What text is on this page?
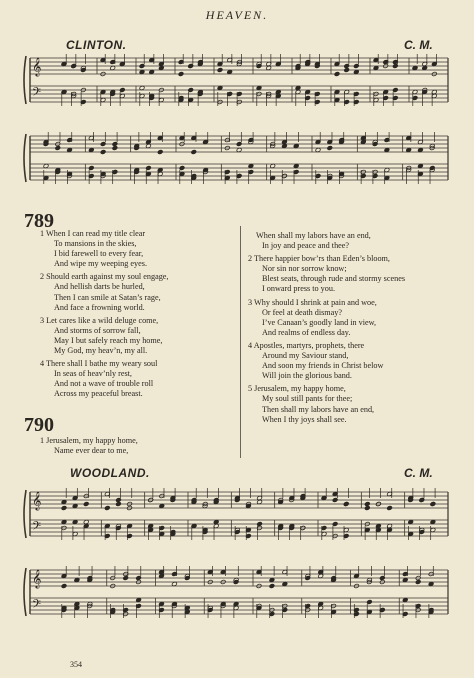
HEAVEN.
CLINTON.	C. M.
𝄞
𝄢
789
1 When I can read my title clear
To mansions in the skies,
I bid farewell to every fear,
And wipe my weeping eyes.
2 Should earth against my soul engage,
And hellish darts be hurled,
Then I can smile at Satan’s rage,
And face a frowning world.
3 Let cares like a wild deluge come,
And storms of sorrow fall,
May I but safely reach my home,
My God, my heav’n, my all.
4 There shall I bathe my weary soul
In seas of heav’nly rest,
And not a wave of trouble roll
Across my peaceful breast.
790
1 Jerusalem, my happy home,
Name ever dear to me,
When shall my labors have an end,
In joy and peace and thee?
2 There happier bow’rs than Eden’s bloom,
Nor sin nor sorrow know;
Blest seats, through rude and stormy scenes
I onward press to you.
3 Why should I shrink at pain and woe,
Or feel at death dismay?
I’ve Canaan’s goodly land in view,
And realms of endless day.
4 Apostles, martyrs, prophets, there
Around my Saviour stand,
And soon my friends in Christ below
Will join the glorious band.
5 Jerusalem, my happy home,
My soul still pants for thee;
Then shall my labors have an end,
When I thy joys shall see.
WOODLAND.	C. M.
𝄞
𝄢
𝄞
𝄢
354
